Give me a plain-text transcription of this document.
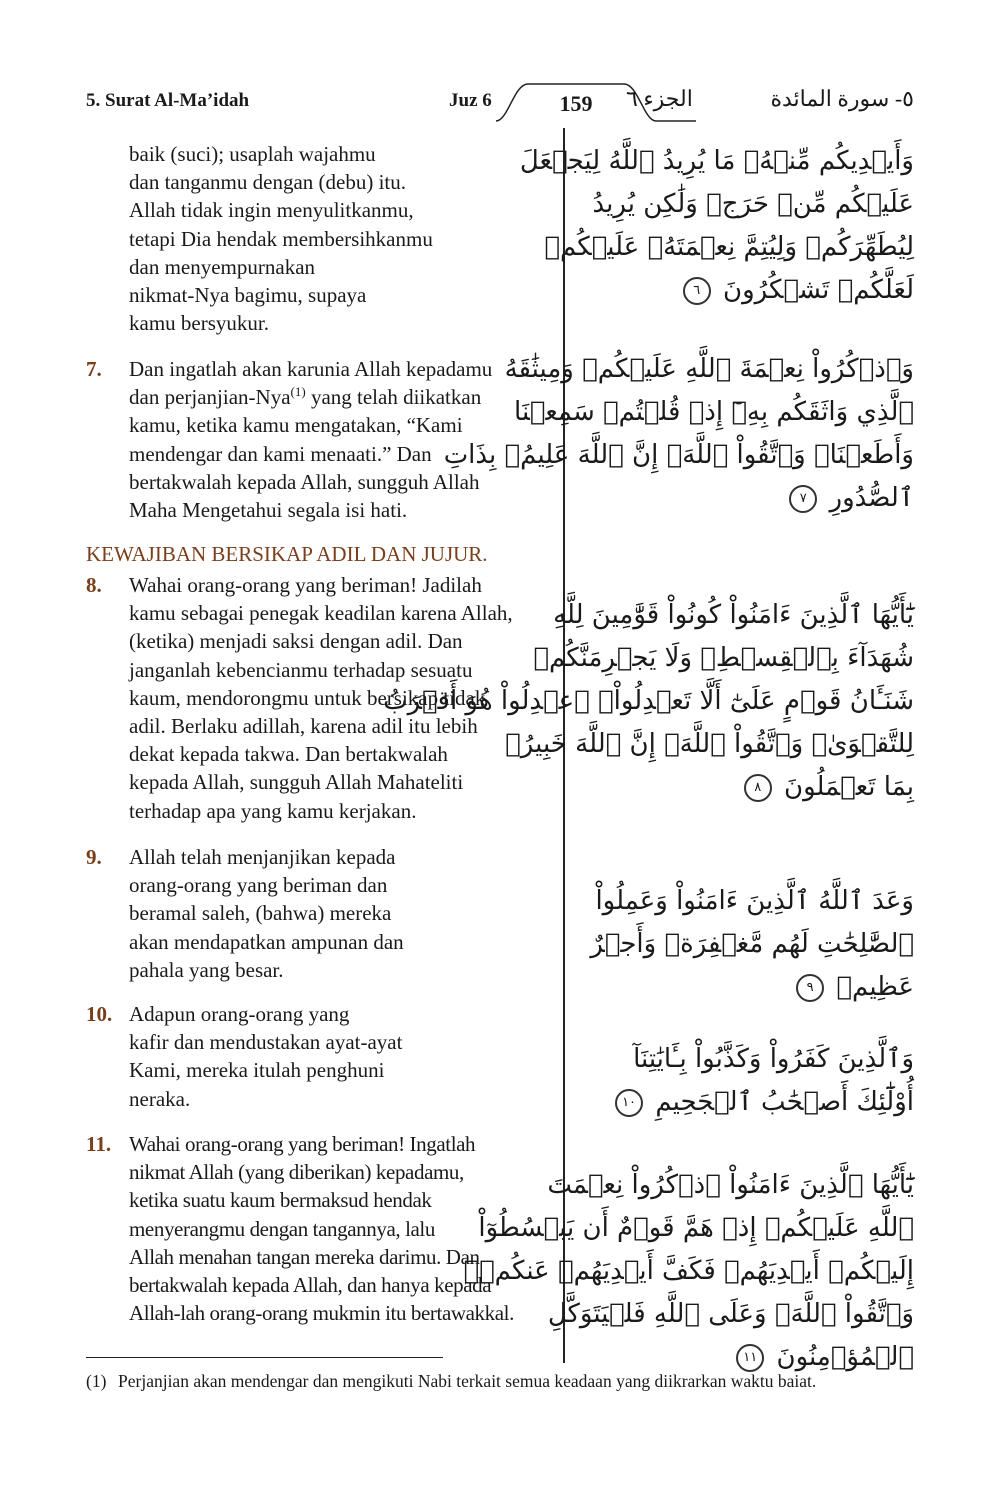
5. Surat Al-Ma’idah	Juz 6	159	الجزء ٦	٥- سورة المائدة
baik (suci); usaplah wajahmu
dan tanganmu dengan (debu) itu.
Allah tidak ingin menyulitkanmu,
tetapi Dia hendak membersihkanmu
dan menyempurnakan
nikmat-Nya bagimu, supaya
kamu bersyukur.
7. Dan ingatlah akan karunia Allah kepadamu
dan perjanjian-Nya$^{(1)}$ yang telah diikatkan
kamu, ketika kamu mengatakan, “Kami
mendengar dan kami menaati.” Dan
bertakwalah kepada Allah, sungguh Allah
Maha Mengetahui segala isi hati.
KEWAJIBAN BERSIKAP ADIL DAN JUJUR.
8. Wahai orang-orang yang beriman! Jadilah
kamu sebagai penegak keadilan karena Allah,
(ketika) menjadi saksi dengan adil. Dan
janganlah kebencianmu terhadap sesuatu
kaum, mendorongmu untuk bersikap tidak
adil. Berlaku adillah, karena adil itu lebih
dekat kepada takwa. Dan bertakwalah
kepada Allah, sungguh Allah Mahateliti
terhadap apa yang kamu kerjakan.
9. Allah telah menjanjikan kepada
orang-orang yang beriman dan
beramal saleh, (bahwa) mereka
akan mendapatkan ampunan dan
pahala yang besar.
10. Adapun orang-orang yang
kafir dan mendustakan ayat-ayat
Kami, mereka itulah penghuni
neraka.
11. Wahai orang-orang yang beriman! Ingatlah
nikmat Allah (yang diberikan) kepadamu,
ketika suatu kaum bermaksud hendak
menyerangmu dengan tangannya, lalu
Allah menahan tangan mereka darimu. Dan
bertakwalah kepada Allah, dan hanya kepada
Allah-lah orang-orang mukmin itu bertawakkal.
وَأَيۡدِيكُم مِّنۡهُۚ مَا يُرِيدُ ٱللَّهُ لِيَجۡعَلَ
عَلَيۡكُم مِّنۡ حَرَجٖ وَلَٰكِن يُرِيدُ
لِيُطَهِّرَكُمۡ وَلِيُتِمَّ نِعۡمَتَهُۥ عَلَيۡكُمۡ
لَعَلَّكُمۡ تَشۡكُرُونَ ٦
وَٱذۡكُرُواْ نِعۡمَةَ ٱللَّهِ عَلَيۡكُمۡ وَمِيثَٰقَهُ
ٱلَّذِي وَاثَقَكُم بِهِۦٓ إِذۡ قُلۡتُمۡ سَمِعۡنَا
وَأَطَعۡنَاۖ وَٱتَّقُواْ ٱللَّهَۚ إِنَّ ٱللَّهَ عَلِيمُۢ بِذَاتِ
ٱلصُّدُورِ ٧
يَٰٓأَيُّهَا ٱلَّذِينَ ءَامَنُواْ كُونُواْ قَوَّٰمِينَ لِلَّهِ
شُهَدَآءَ بِٱلۡقِسۡطِۖ وَلَا يَجۡرِمَنَّكُمۡ
شَنَـَٔانُ قَوۡمٍ عَلَىٰٓ أَلَّا تَعۡدِلُواْۚ ٱعۡدِلُواْ هُوَ أَقۡرَبُ
لِلتَّقۡوَىٰۖ وَٱتَّقُواْ ٱللَّهَۚ إِنَّ ٱللَّهَ خَبِيرُۢ
بِمَا تَعۡمَلُونَ ٨
وَعَدَ ٱللَّهُ ٱلَّذِينَ ءَامَنُواْ وَعَمِلُواْ
ٱلصَّٰلِحَٰتِ لَهُم مَّغۡفِرَةٞ وَأَجۡرٌ
عَظِيمٞ ٩
وَٱلَّذِينَ كَفَرُواْ وَكَذَّبُواْ بِـَٔايَٰتِنَآ
أُوْلَٰٓئِكَ أَصۡحَٰبُ ٱلۡجَحِيمِ ١٠
يَٰٓأَيُّهَا ٱلَّذِينَ ءَامَنُواْ ٱذۡكُرُواْ نِعۡمَتَ
ٱللَّهِ عَلَيۡكُمۡ إِذۡ هَمَّ قَوۡمٌ أَن يَبۡسُطُوٓاْ
إِلَيۡكُمۡ أَيۡدِيَهُمۡ فَكَفَّ أَيۡدِيَهُمۡ عَنكُمۡۖ
وَٱتَّقُواْ ٱللَّهَۚ وَعَلَى ٱللَّهِ فَلۡيَتَوَكَّلِ
ٱلۡمُؤۡمِنُونَ ١١
(1) Perjanjian akan mendengar dan mengikuti Nabi terkait semua keadaan yang diikrarkan waktu baiat.
